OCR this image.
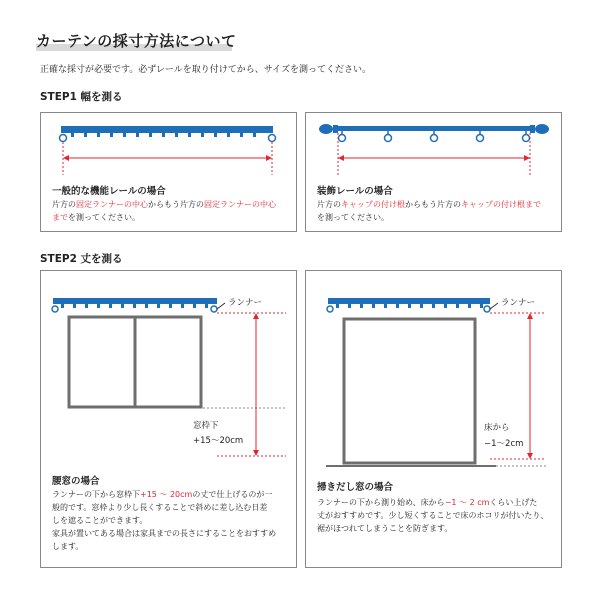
カーテンの採寸方法について
正確な採寸が必要です。必ずレールを取り付けてから、サイズを測ってください。
STEP1 幅を測る
一般的な機能レールの場合
片方の固定ランナーの中心からもう片方の固定ランナーの中心
までを測ってください。
装飾レールの場合
片方のキャップの付け根からもう片方のキャップの付け根まで
を測ってください。
STEP2 丈を測る
ランナー
窓枠下
+15～20cm
腰窓の場合
ランナーの下から窓枠下+15 ～ 20cmの丈で仕上げるのが一
般的です。窓枠より少し長くすることで斜めに差し込む日差
しを遮ることができます。
家具が置いてある場合は家具までの長さにすることをおすすめ
します。
ランナー
床から
−1～2cm
掃きだし窓の場合
ランナーの下から測り始め、床から−1 ～ 2 cmくらい上げた
丈がおすすめです。少し短くすることで床のホコリが付いたり、
裾がほつれてしまうことを防ぎます。
